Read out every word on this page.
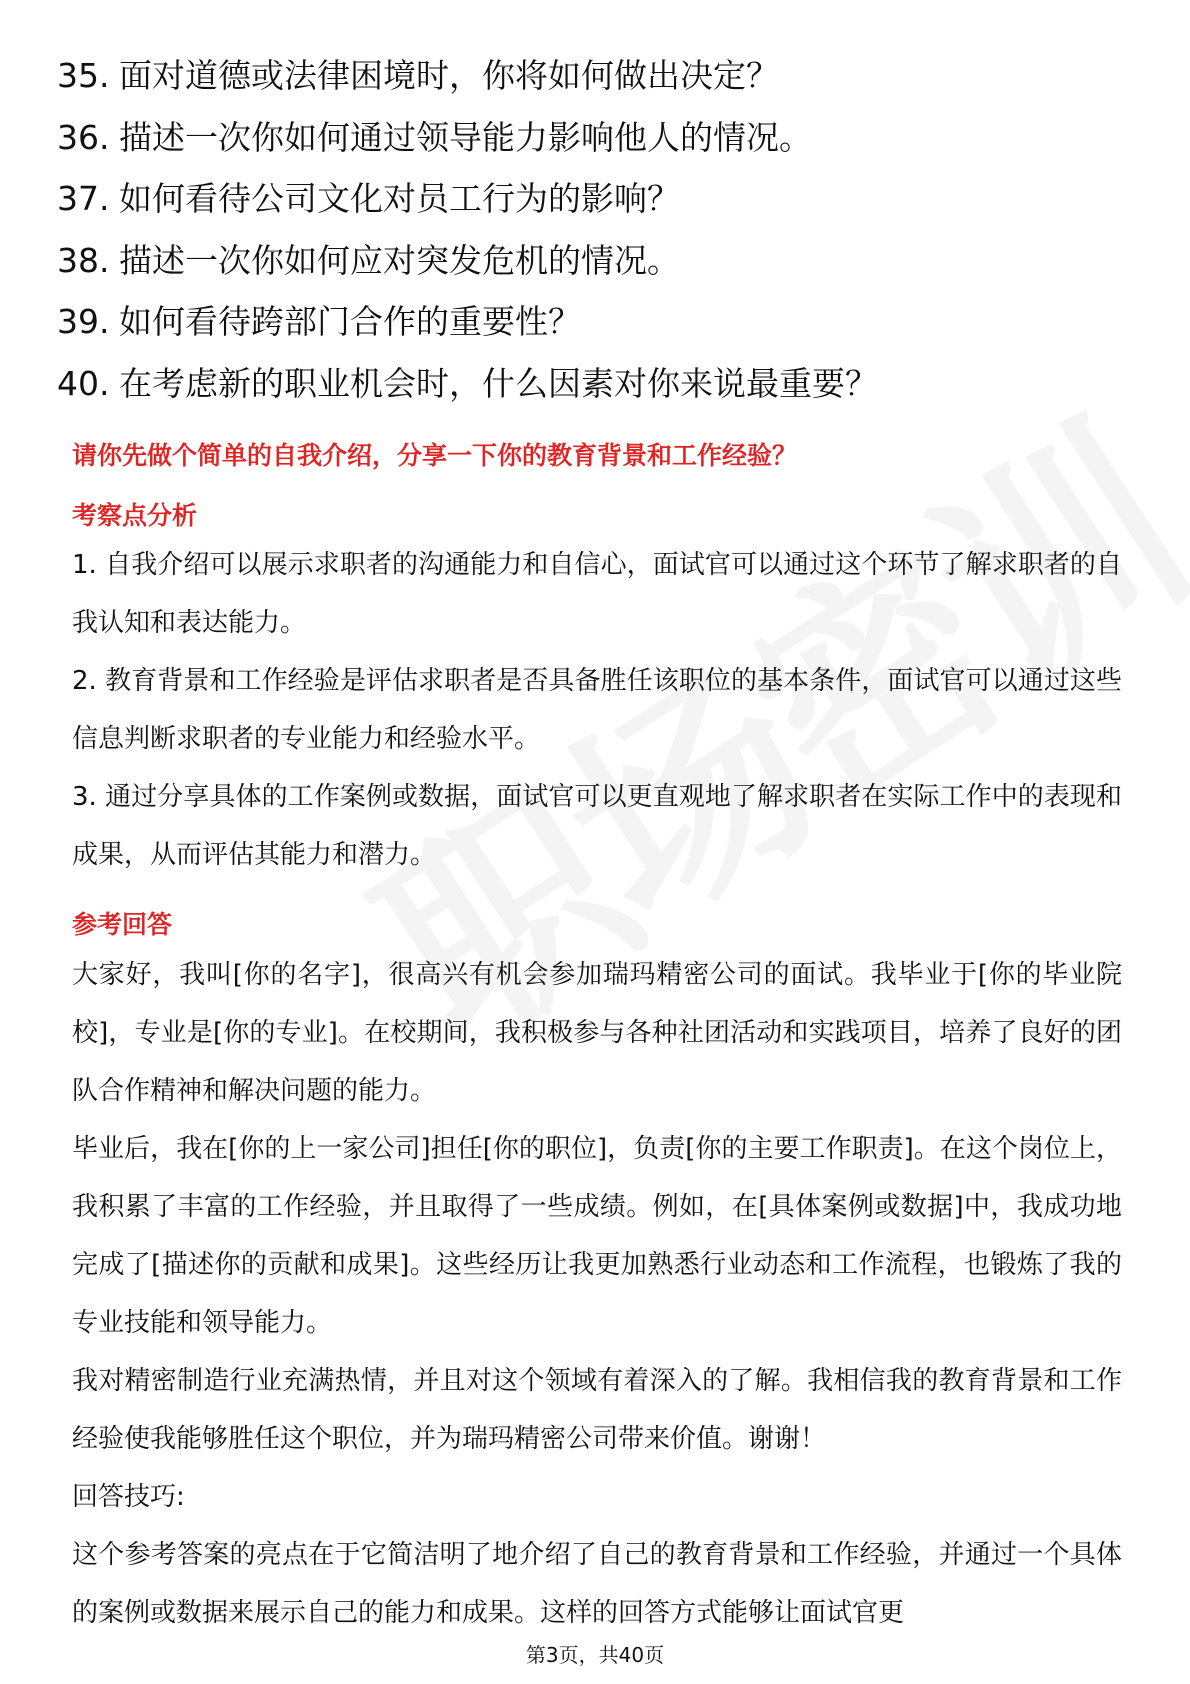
35. 面对道德或法律困境时，你将如何做出决定？
36. 描述一次你如何通过领导能力影响他人的情况。
37. 如何看待公司文化对员工行为的影响？
38. 描述一次你如何应对突发危机的情况。
39. 如何看待跨部门合作的重要性？
40. 在考虑新的职业机会时，什么因素对你来说最重要？
请你先做个简单的自我介绍，分享一下你的教育背景和工作经验？
考察点分析
1. 自我介绍可以展示求职者的沟通能力和自信心，面试官可以通过这个环节了解求职者的自我认知和表达能力。
2. 教育背景和工作经验是评估求职者是否具备胜任该职位的基本条件，面试官可以通过这些信息判断求职者的专业能力和经验水平。
3. 通过分享具体的工作案例或数据，面试官可以更直观地了解求职者在实际工作中的表现和成果，从而评估其能力和潜力。
参考回答
大家好，我叫[你的名字]，很高兴有机会参加瑞玛精密公司的面试。我毕业于[你的毕业院校]，专业是[你的专业]。在校期间，我积极参与各种社团活动和实践项目，培养了良好的团队合作精神和解决问题的能力。
毕业后，我在[你的上一家公司]担任[你的职位]，负责[你的主要工作职责]。在这个岗位上，我积累了丰富的工作经验，并且取得了一些成绩。例如，在[具体案例或数据]中，我成功地完成了[描述你的贡献和成果]。这些经历让我更加熟悉行业动态和工作流程，也锻炼了我的专业技能和领导能力。
我对精密制造行业充满热情，并且对这个领域有着深入的了解。我相信我的教育背景和工作经验使我能够胜任这个职位，并为瑞玛精密公司带来价值。谢谢！
回答技巧:
这个参考答案的亮点在于它简洁明了地介绍了自己的教育背景和工作经验，并通过一个具体的案例或数据来展示自己的能力和成果。这样的回答方式能够让面试官更
第3页，共40页
